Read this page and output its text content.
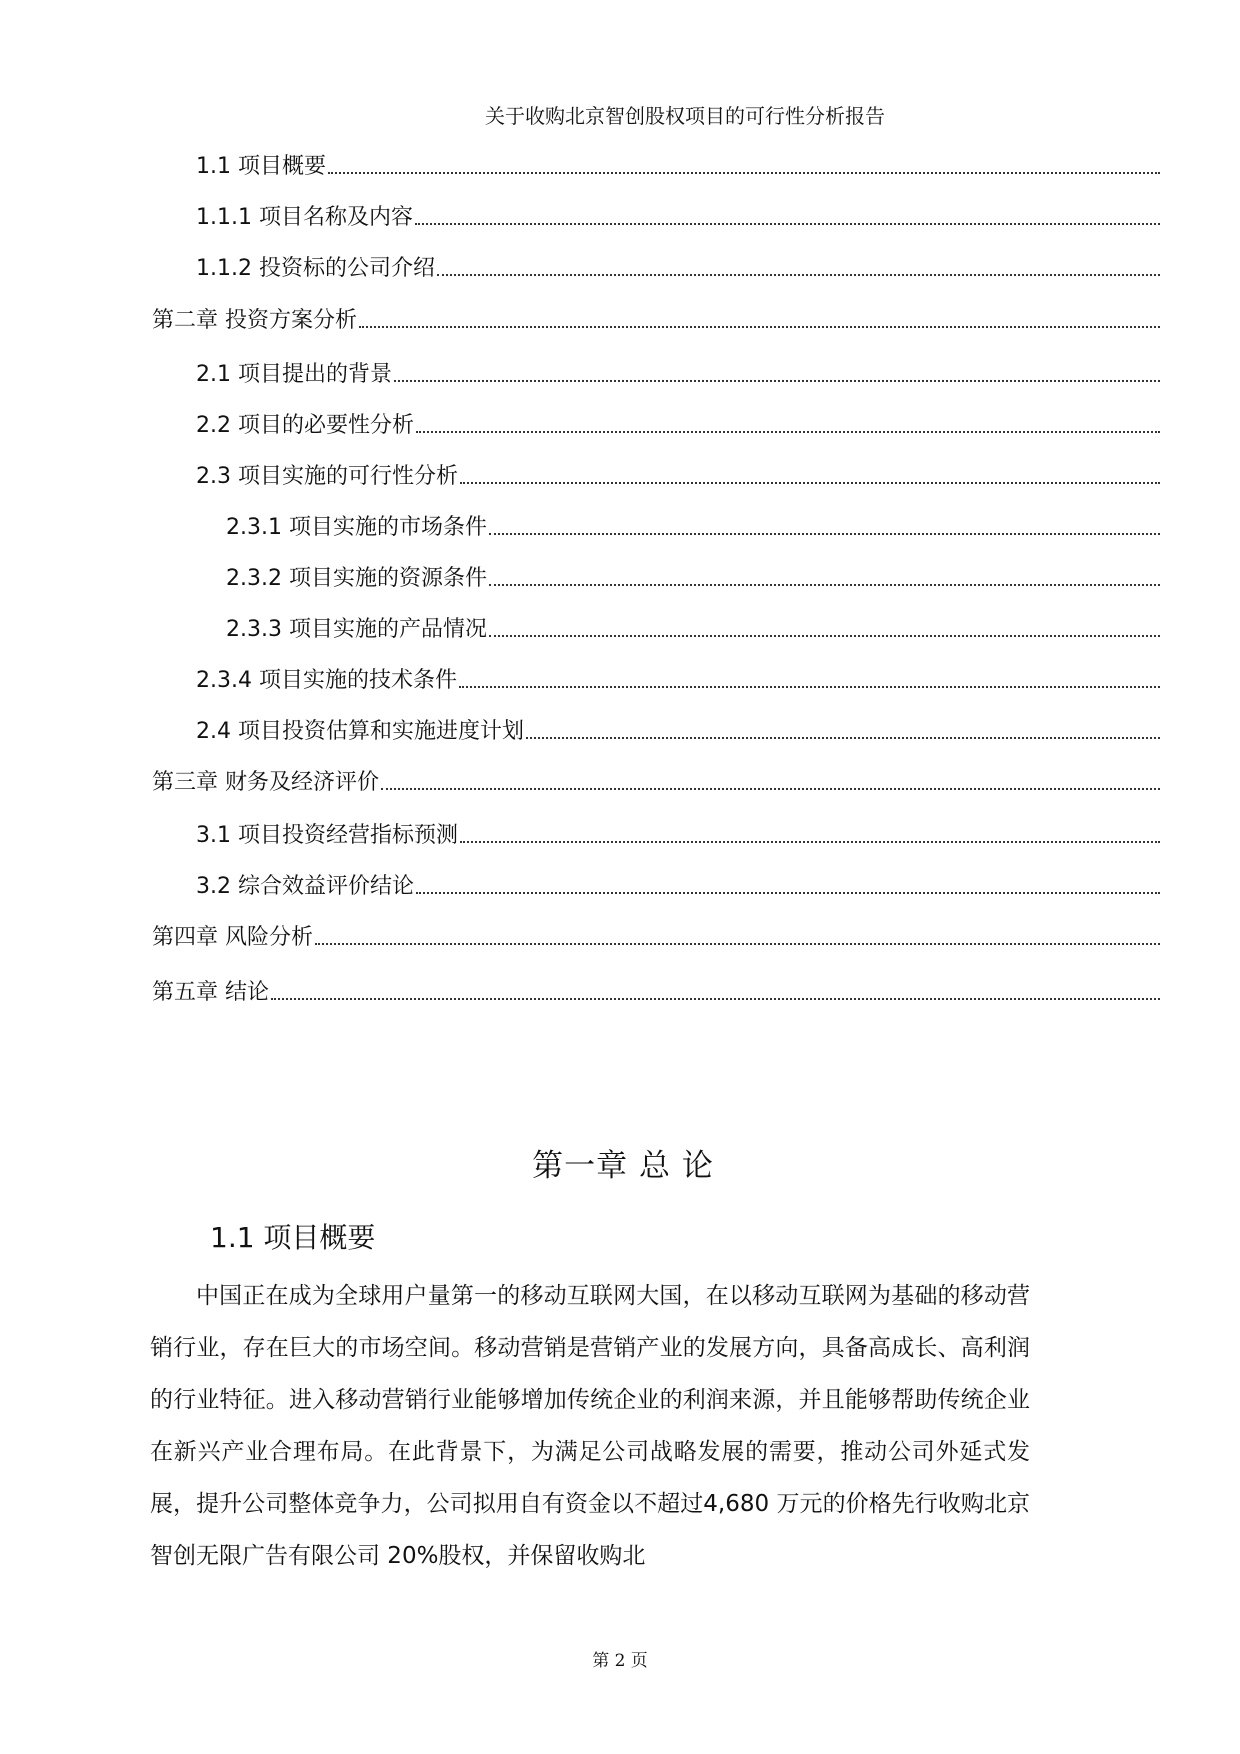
关于收购北京智创股权项目的可行性分析报告
1.1 项目概要
1.1.1 项目名称及内容
1.1.2 投资标的公司介绍
第二章 投资方案分析
2.1 项目提出的背景
2.2 项目的必要性分析
2.3 项目实施的可行性分析
2.3.1 项目实施的市场条件
2.3.2 项目实施的资源条件
2.3.3 项目实施的产品情况
2.3.4 项目实施的技术条件
2.4 项目投资估算和实施进度计划
第三章 财务及经济评价
3.1 项目投资经营指标预测
3.2 综合效益评价结论
第四章 风险分析
第五章 结论
第一章 总 论
1.1 项目概要

中国正在成为全球用户量第一的移动互联网大国，在以移动互联网为基础的移动营销行业，存在巨大的市场空间。移动营销是营销产业的发展方向，具备高成长、高利润的行业特征。进入移动营销行业能够增加传统企业的利润来源，并且能够帮助传统企业在新兴产业合理布局。在此背景下，为满足公司战略发展的需要，推动公司外延式发展，提升公司整体竞争力，公司拟用自有资金以不超过4,680 万元的价格先行收购北京智创无限广告有限公司 20%股权，并保留收购北

第 2 页
